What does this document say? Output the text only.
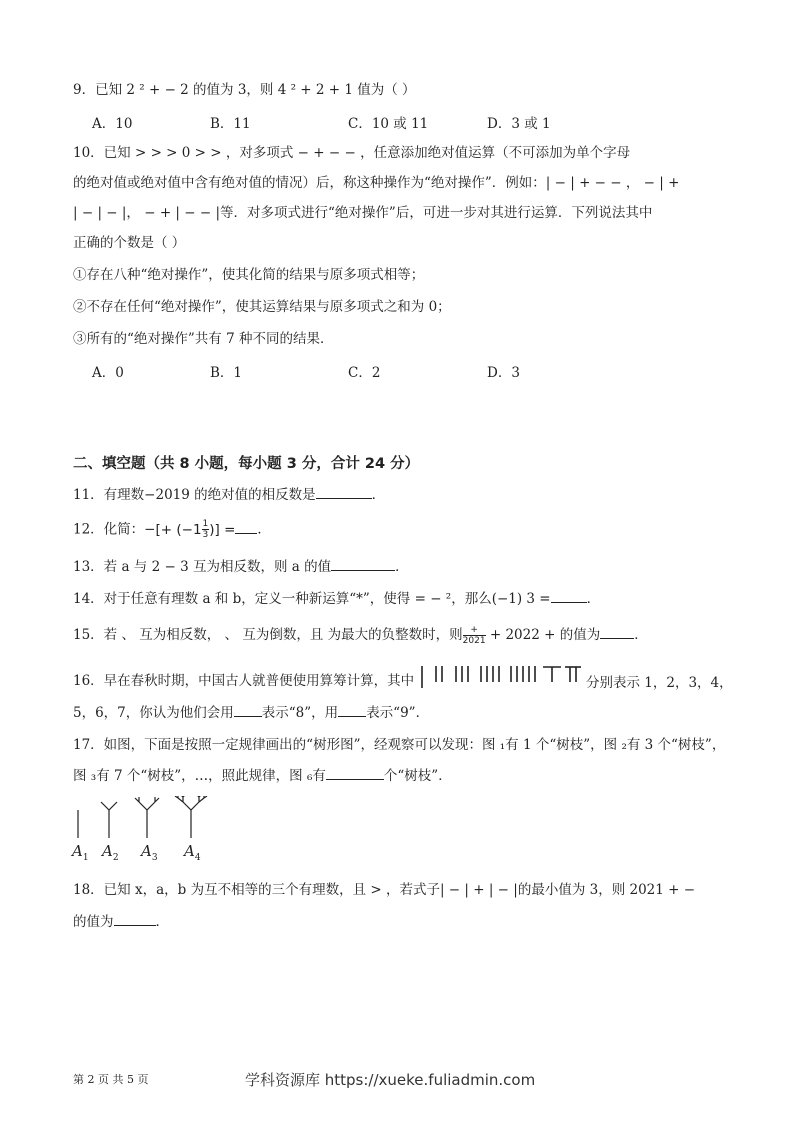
9．已知 2 ² + − 2 的值为 3，则 4 ² + 2 + 1 值为（ ）
A．10	B．11	C．10 或 11	D．3 或 1
10．已知 > > > 0 > > ，对多项式 − + − − ，任意添加绝对值运算（不可添加为单个字母
的绝对值或绝对值中含有绝对值的情况）后，称这种操作为“绝对操作”．例如：| − | + − − ， − | +
| − | − |， − + | − − |等．对多项式进行“绝对操作”后，可进一步对其进行运算．下列说法其中
正确的个数是（ ）
①存在八种“绝对操作”，使其化简的结果与原多项式相等；
②不存在任何“绝对操作”，使其运算结果与原多项式之和为 0；
③所有的“绝对操作”共有 7 种不同的结果．
A．0	B．1	C．2	D．3
二、填空题（共 8 小题，每小题 3 分，合计 24 分）
11．有理数−2019 的绝对值的相反数是	．
12．化简：−[+ ($-1 \frac{1}{3}$ )] = ．
13．若 a 与 2 − 3 互为相反数，则 a 的值	．
14．对于任意有理数 a 和 b，定义一种新运算“*”，使得 = − ²，那么(−1) 3 =	．
15．若 、 互为相反数， 、 互为倒数，且 为最大的负整数时，则 $\frac{+}{2021} + 2022$ + 的值为	．
16．早在春秋时期，中国古人就普便使用算筹计算，其中	分别表示 1，2，3，4，
5，6，7，你认为他们会用 表示“8”，用 表示“9”．
17．如图，下面是按照一定规律画出的“树形图”，经观察可以发现：图 ₁有 1 个“树枝”，图 ₂有 3 个“树枝”，
图 ₃有 7 个“树枝”，…，照此规律，图 ₆有	个“树枝”．
$A_1$ $A_2$ $A_3$ $A_4$
18．已知 x，a，b 为互不相等的三个有理数，且 > ，若式子| − | + | − |的最小值为 3，则 2021 + −
的值为	．
第 2 页 共 5 页	学科资源库 https://xueke.fuliadmin.com
